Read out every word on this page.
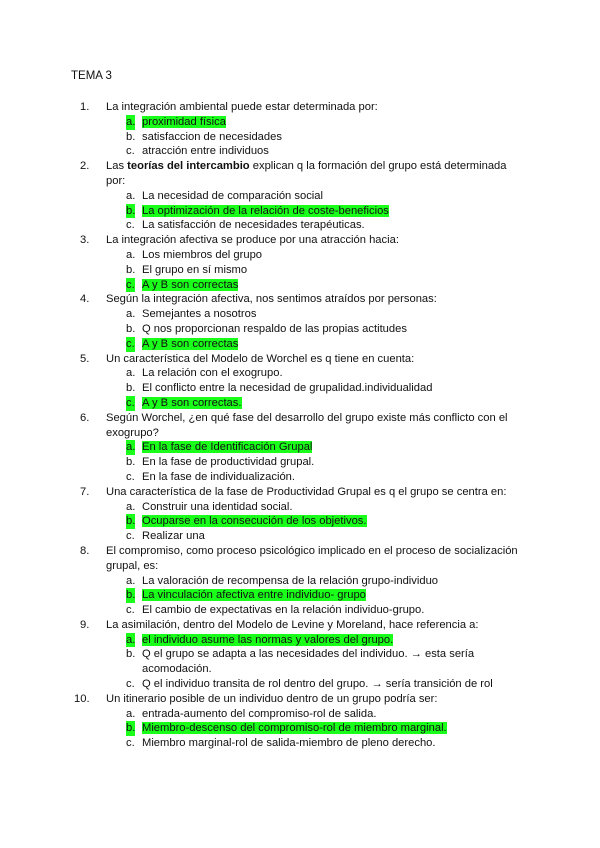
TEMA 3
1.	La integración ambiental puede estar determinada por:
a. proximidad física
b. satisfaccion de necesidades
c. atracción entre individuos
2.	Las teorías del intercambio explican q la formación del grupo está determinada por:
a. La necesidad de comparación social
b. La optimización de la relación de coste-beneficios
c. La satisfacción de necesidades terapéuticas.
3.	La integración afectiva se produce por una atracción hacia:
a. Los miembros del grupo
b. El grupo en sí mismo
c. A y B son correctas
4.	Según la integración afectiva, nos sentimos atraídos por personas:
a. Semejantes a nosotros
b. Q nos proporcionan respaldo de las propias actitudes
c. A y B son correctas
5.	Un característica del Modelo de Worchel es q tiene en cuenta:
a. La relación con el exogrupo.
b. El conflicto entre la necesidad de grupalidad.individualidad
c. A y B son correctas.
6.	Según Worchel, ¿en qué fase del desarrollo del grupo existe más conflicto con el exogrupo?
a. En la fase de Identificación Grupal
b. En la fase de productividad grupal.
c. En la fase de individualización.
7.	Una característica de la fase de Productividad Grupal es q el grupo se centra en:
a. Construir una identidad social.
b. Ocuparse en la consecución de los objetivos.
c. Realizar una
8.	El compromiso, como proceso psicológico implicado en el proceso de socialización grupal, es:
a. La valoración de recompensa de la relación grupo-individuo
b. La vinculación afectiva entre individuo- grupo
c. El cambio de expectativas en la relación individuo-grupo.
9.	La asimilación, dentro del Modelo de Levine y Moreland, hace referencia a:
a. el individuo asume las normas y valores del grupo.
b. Q el grupo se adapta a las necesidades del individuo. → esta sería acomodación.
c. Q el individuo transita de rol dentro del grupo. → sería transición de rol
10.	Un itinerario posible de un individuo dentro de un grupo podría ser:
a. entrada-aumento del compromiso-rol de salida.
b. Miembro-descenso del compromiso-rol de miembro marginal.
c. Miembro marginal-rol de salida-miembro de pleno derecho.
